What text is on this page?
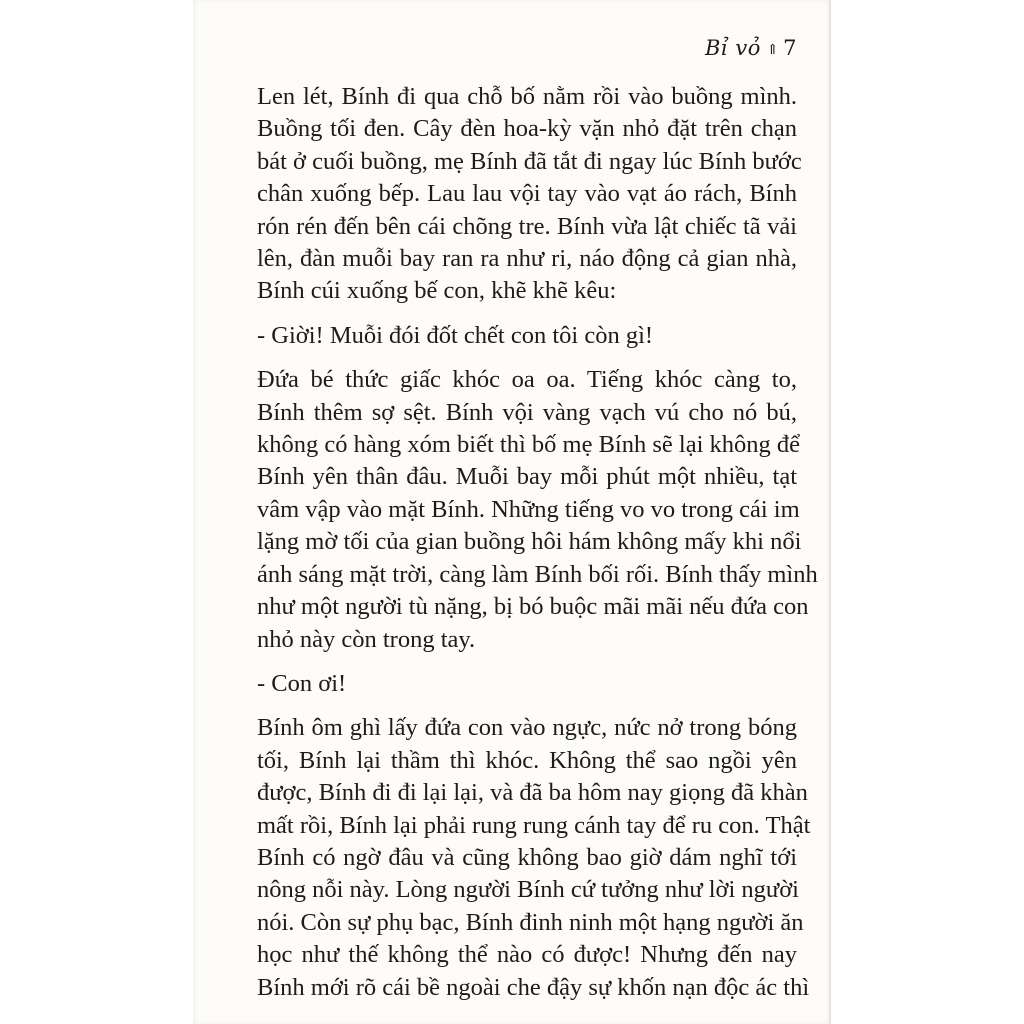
Bỉ vỏ ⇑ 7

Len lét, Bính đi qua chỗ bố nằm rồi vào buồng mình.
Buồng tối đen. Cây đèn hoa-kỳ vặn nhỏ đặt trên chạn
bát ở cuối buồng, mẹ Bính đã tắt đi ngay lúc Bính bước
chân xuống bếp. Lau lau vội tay vào vạt áo rách, Bính
rón rén đến bên cái chõng tre. Bính vừa lật chiếc tã vải
lên, đàn muỗi bay ran ra như ri, náo động cả gian nhà,
Bính cúi xuống bế con, khẽ khẽ kêu:

- Giời! Muỗi đói đốt chết con tôi còn gì!

Đứa bé thức giấc khóc oa oa. Tiếng khóc càng to,
Bính thêm sợ sệt. Bính vội vàng vạch vú cho nó bú,
không có hàng xóm biết thì bố mẹ Bính sẽ lại không để
Bính yên thân đâu. Muỗi bay mỗi phút một nhiều, tạt
vâm vập vào mặt Bính. Những tiếng vo vo trong cái im
lặng mờ tối của gian buồng hôi hám không mấy khi nổi
ánh sáng mặt trời, càng làm Bính bối rối. Bính thấy mình
như một người tù nặng, bị bó buộc mãi mãi nếu đứa con
nhỏ này còn trong tay.

- Con ơi!

Bính ôm ghì lấy đứa con vào ngực, nức nở trong bóng
tối, Bính lại thầm thì khóc. Không thể sao ngồi yên
được, Bính đi đi lại lại, và đã ba hôm nay giọng đã khàn
mất rồi, Bính lại phải rung rung cánh tay để ru con. Thật
Bính có ngờ đâu và cũng không bao giờ dám nghĩ tới
nông nỗi này. Lòng người Bính cứ tưởng như lời người
nói. Còn sự phụ bạc, Bính đinh ninh một hạng người ăn
học như thế không thể nào có được! Nhưng đến nay
Bính mới rõ cái bề ngoài che đậy sự khốn nạn độc ác thì
